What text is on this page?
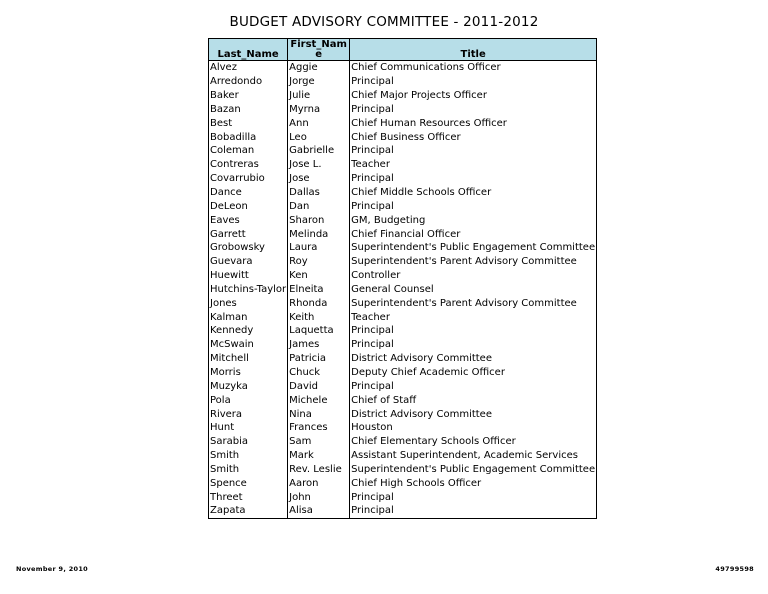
BUDGET ADVISORY COMMITTEE - 2011-2012
Last_Name	First_Name	Title
Alvez	Aggie	Chief Communications Officer
Arredondo	Jorge	Principal
Baker	Julie	Chief Major Projects Officer
Bazan	Myrna	Principal
Best	Ann	Chief Human Resources Officer
Bobadilla	Leo	Chief Business Officer
Coleman	Gabrielle	Principal
Contreras	Jose L.	Teacher
Covarrubio	Jose	Principal
Dance	Dallas	Chief Middle Schools Officer
DeLeon	Dan	Principal
Eaves	Sharon	GM, Budgeting
Garrett	Melinda	Chief Financial Officer
Grobowsky	Laura	Superintendent's Public Engagement Committee
Guevara	Roy	Superintendent's Parent Advisory Committee
Huewitt	Ken	Controller
Hutchins-Taylor	Elneita	General Counsel
Jones	Rhonda	Superintendent's Parent Advisory Committee
Kalman	Keith	Teacher
Kennedy	Laquetta	Principal
McSwain	James	Principal
Mitchell	Patricia	District Advisory Committee
Morris	Chuck	Deputy Chief Academic Officer
Muzyka	David	Principal
Pola	Michele	Chief of Staff
Rivera	Nina	District Advisory Committee
Hunt	Frances	Houston
Sarabia	Sam	Chief Elementary Schools Officer
Smith	Mark	Assistant Superintendent, Academic Services
Smith	Rev. Leslie	Superintendent's Public Engagement Committee
Spence	Aaron	Chief High Schools Officer
Threet	John	Principal
Zapata	Alisa	Principal
November 9, 2010	49799598
